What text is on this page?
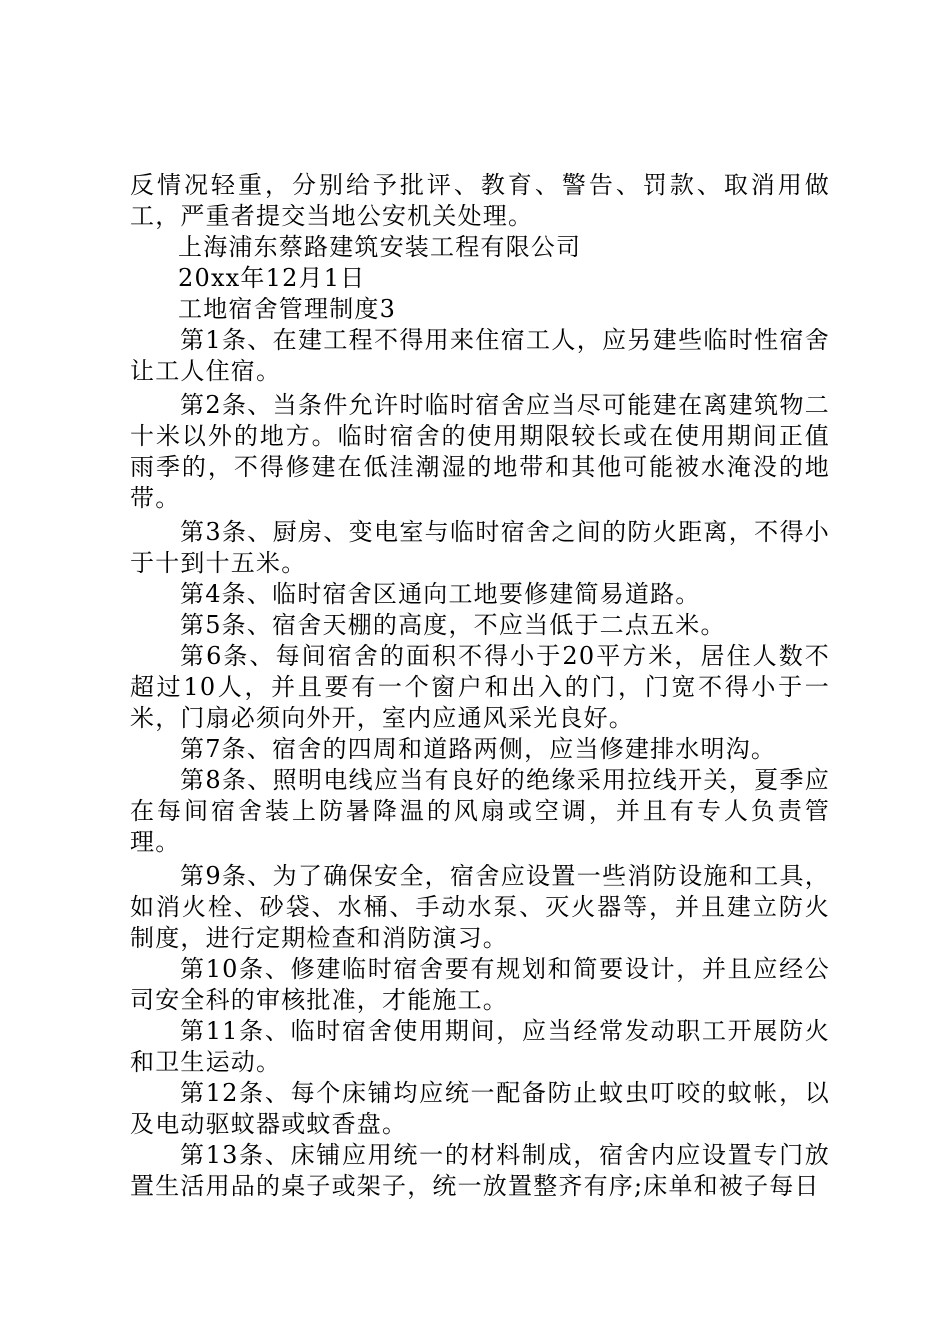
反情况轻重，分别给予批评、教育、警告、罚款、取消用做工，严重者提交当地公安机关处理。

上海浦东蔡路建筑安装工程有限公司

20xx年12月1日

工地宿舍管理制度3

第1条、在建工程不得用来住宿工人，应另建些临时性宿舍让工人住宿。

第2条、当条件允许时临时宿舍应当尽可能建在离建筑物二十米以外的地方。临时宿舍的使用期限较长或在使用期间正值雨季的，不得修建在低洼潮湿的地带和其他可能被水淹没的地带。

第3条、厨房、变电室与临时宿舍之间的防火距离，不得小于十到十五米。

第4条、临时宿舍区通向工地要修建简易道路。

第5条、宿舍天棚的高度，不应当低于二点五米。

第6条、每间宿舍的面积不得小于20平方米，居住人数不超过10人，并且要有一个窗户和出入的门，门宽不得小于一米，门扇必须向外开，室内应通风采光良好。

第7条、宿舍的四周和道路两侧，应当修建排水明沟。

第8条、照明电线应当有良好的绝缘采用拉线开关，夏季应在每间宿舍装上防暑降温的风扇或空调，并且有专人负责管理。

第9条、为了确保安全，宿舍应设置一些消防设施和工具，如消火栓、砂袋、水桶、手动水泵、灭火器等，并且建立防火制度，进行定期检查和消防演习。

第10条、修建临时宿舍要有规划和简要设计，并且应经公司安全科的审核批准，才能施工。

第11条、临时宿舍使用期间，应当经常发动职工开展防火和卫生运动。

第12条、每个床铺均应统一配备防止蚊虫叮咬的蚊帐，以及电动驱蚊器或蚊香盘。

第13条、床铺应用统一的材料制成，宿舍内应设置专门放置生活用品的桌子或架子，统一放置整齐有序;床单和被子每日
